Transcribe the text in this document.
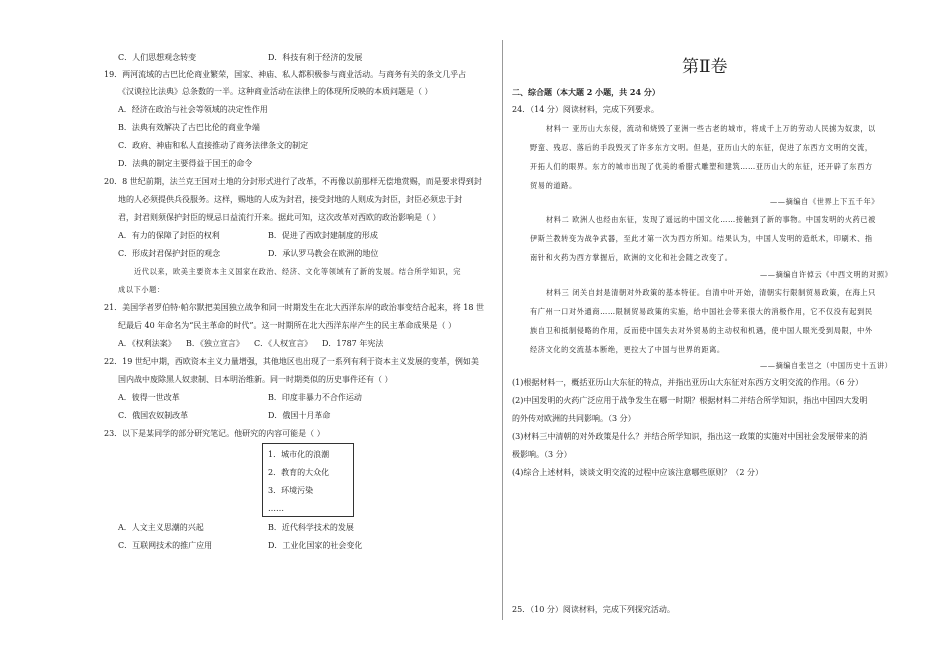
C．人们思想观念转变	D．科技有利于经济的发展
19．两河流域的古巴比伦商业繁荣，国家、神庙、私人都积极参与商业活动。与商务有关的条文几乎占
《汉谟拉比法典》总条数的一半。这种商业活动在法律上的体现所反映的本质问题是（ ）
A．经济在政治与社会等领域的决定性作用
B．法典有效解决了古巴比伦的商业争端
C．政府、神庙和私人直接推动了商务法律条文的制定
D．法典的制定主要得益于国王的命令
20．8 世纪前期，法兰克王国对土地的分封形式进行了改革，不再像以前那样无偿地赏赐，而是要求得到封
地的人必须提供兵役服务。这样，赐地的人成为封君，接受封地的人则成为封臣，封臣必须忠于封
君，封君则须保护封臣的规忌日益流行开来。据此可知，这次改革对西欧的政治影响是（ ）
A．有力的保障了封臣的权利	B．促进了西欧封建制度的形成
C．形成封君保护封臣的观念	D．承认罗马教会在欧洲的地位
近代以来，欧美主要资本主义国家在政治、经济、文化等领域有了新的发展。结合所学知识，完
成以下小题：
21．美国学者罗伯特·帕尔默把美国独立战争和同一时期发生在北大西洋东岸的政治事变结合起来，将 18 世
纪最后 40 年命名为“民主革命的时代”。这一时期所在北大西洋东岸产生的民主革命成果是（ ）
A．《权利法案》 B．《独立宣言》 C．《人权宣言》 D．1787 年宪法
22．19 世纪中期，西欧资本主义力量增强，其他地区也出现了一系列有利于资本主义发展的变革，例如美
国内战中废除黑人奴隶制、日本明治维新。同一时期类似的历史事件还有（ ）
A．彼得一世改革	B．印度非暴力不合作运动
C．俄国农奴制改革	D．俄国十月革命
23．以下是某同学的部分研究笔记。他研究的内容可能是（ ）
1．城市化的浪潮
2．教育的大众化
3．环境污染
……
A．人文主义思潮的兴起	B．近代科学技术的发展
C．互联网技术的推广应用	D．工业化国家的社会变化
第Ⅱ卷
二、综合题（本大题 2 小题，共 24 分）
24．（14 分）阅读材料，完成下列要求。
材料一 亚历山大东侵，流动和烧毁了亚洲一些古老的城市，将成千上万的劳动人民掳为奴隶，以
野蛮、残忍、落后的手段毁灭了许多东方文明。但是，亚历山大的东征，促进了东西方文明的交流，
开拓人们的眼界。东方的城市出现了优美的希腊式雕塑和建筑……亚历山大的东征，还开辟了东西方
贸易的道路。
——摘编自《世界上下五千年》
材料二 欧洲人也经由东征，发现了遥远的中国文化……接触到了新的事物。中国发明的火药已被
伊斯兰教转变为战争武器，至此才第一次为西方所知。结果认为，中国人发明的造纸术，印刷术、指
南针和火药为西方掌握后，欧洲的文化和社会随之改变了。
——摘编自许倬云《中西文明的对照》
材料三 闭关自封是清朝对外政策的基本特征。自清中叶开始，清朝实行限制贸易政策，在海上只
有广州一口对外通商……限制贸易政策的实施，给中国社会带来很大的消极作用，它不仅没有起到民
族自卫和抵制侵略的作用，反而使中国失去对外贸易的主动权和机遇，使中国人眼光受到局限，中外
经济文化的交流基本断绝，更拉大了中国与世界的距离。
——摘编自张岂之（中国历史十五讲）
(1)根据材料一，概括亚历山大东征的特点，并指出亚历山大东征对东西方文明交流的作用。（6 分）
(2)中国发明的火药广泛应用于战争发生在哪一时期？根据材料二并结合所学知识，指出中国四大发明
的外传对欧洲的共同影响。（3 分）
(3)材料三中清朝的对外政策是什么？并结合所学知识，指出这一政策的实施对中国社会发展带来的消
极影响。（3 分）
(4)综合上述材料，谈谈文明交流的过程中应该注意哪些原则？（2 分）
25．（10 分）阅读材料，完成下列探究活动。
